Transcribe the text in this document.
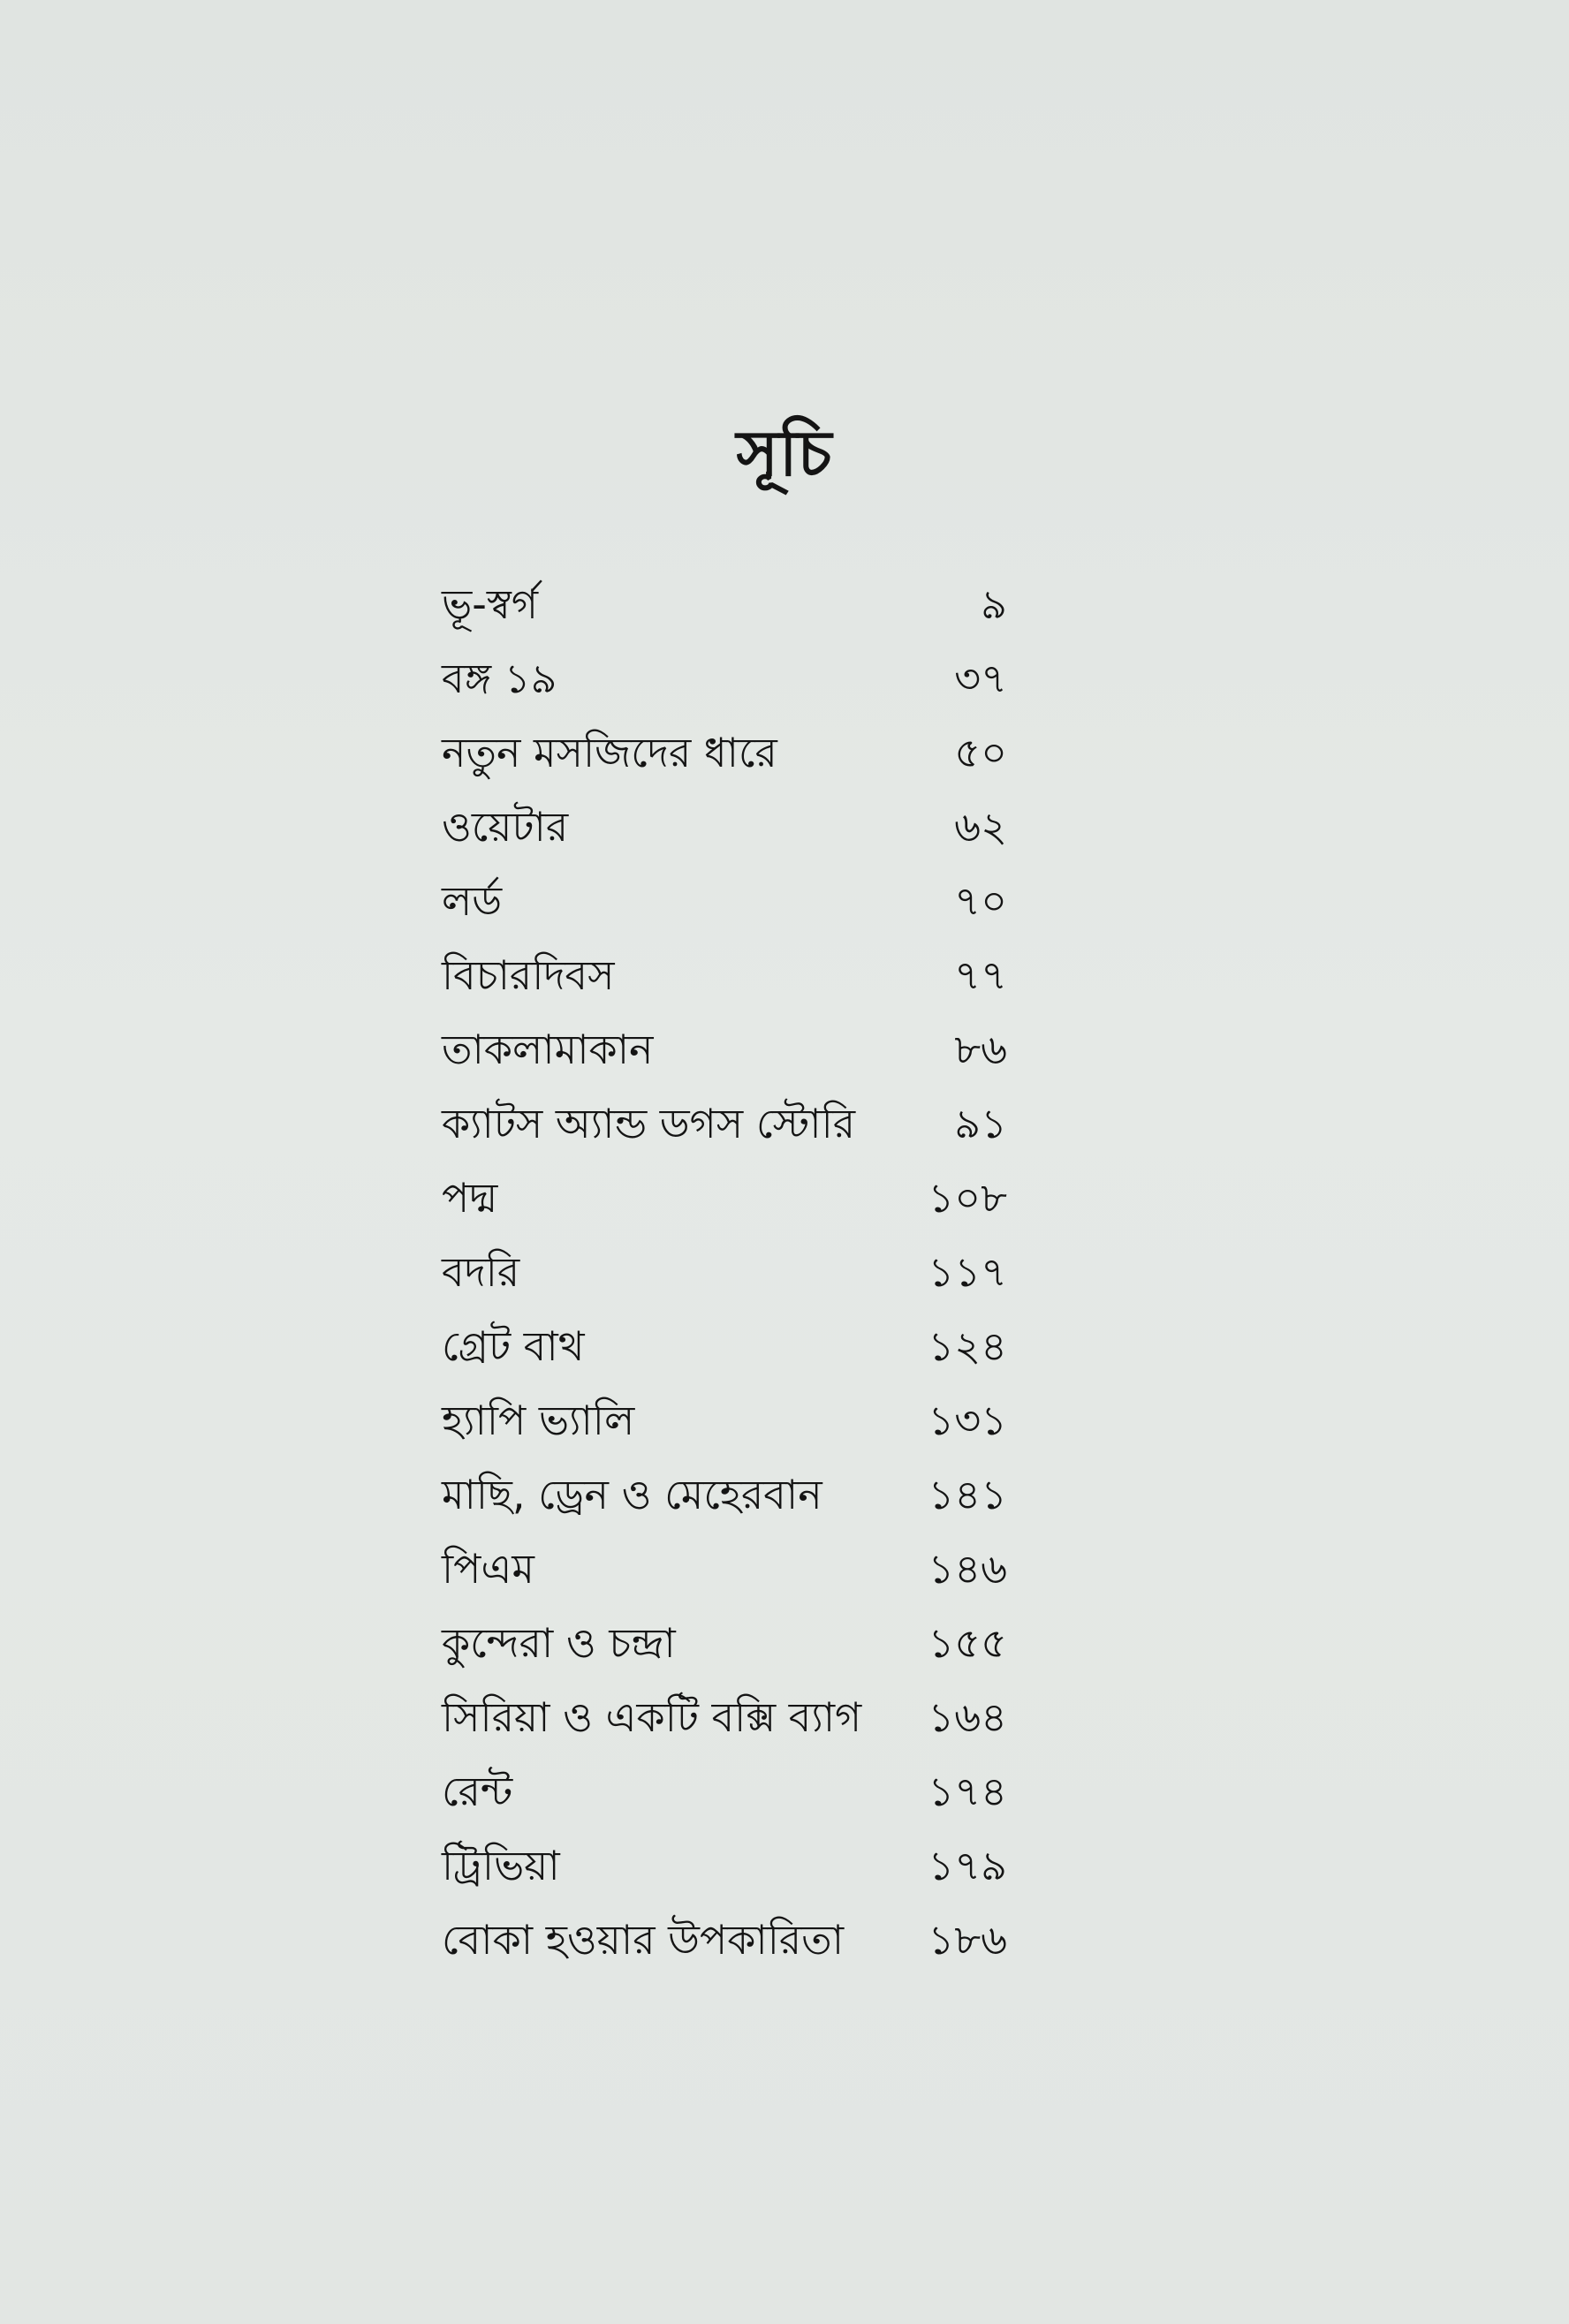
সূচি
ভূ-স্বর্গ	৯
বঙ্গ ১৯	৩৭
নতুন মসজিদের ধারে	৫০
ওয়েটার	৬২
লর্ড	৭০
বিচারদিবস	৭৭
তাকলামাকান	৮৬
ক্যাটস অ্যান্ড ডগস স্টোরি	৯১
পদ্ম	১০৮
বদরি	১১৭
গ্রেট বাথ	১২৪
হ্যাপি ভ্যালি	১৩১
মাছি, ড্রেন ও মেহেরবান	১৪১
পিএম	১৪৬
কুন্দেরা ও চন্দ্রা	১৫৫
সিরিয়া ও একটি বক্সি ব্যাগ	১৬৪
রেন্ট	১৭৪
ট্রিভিয়া	১৭৯
বোকা হওয়ার উপকারিতা	১৮৬
